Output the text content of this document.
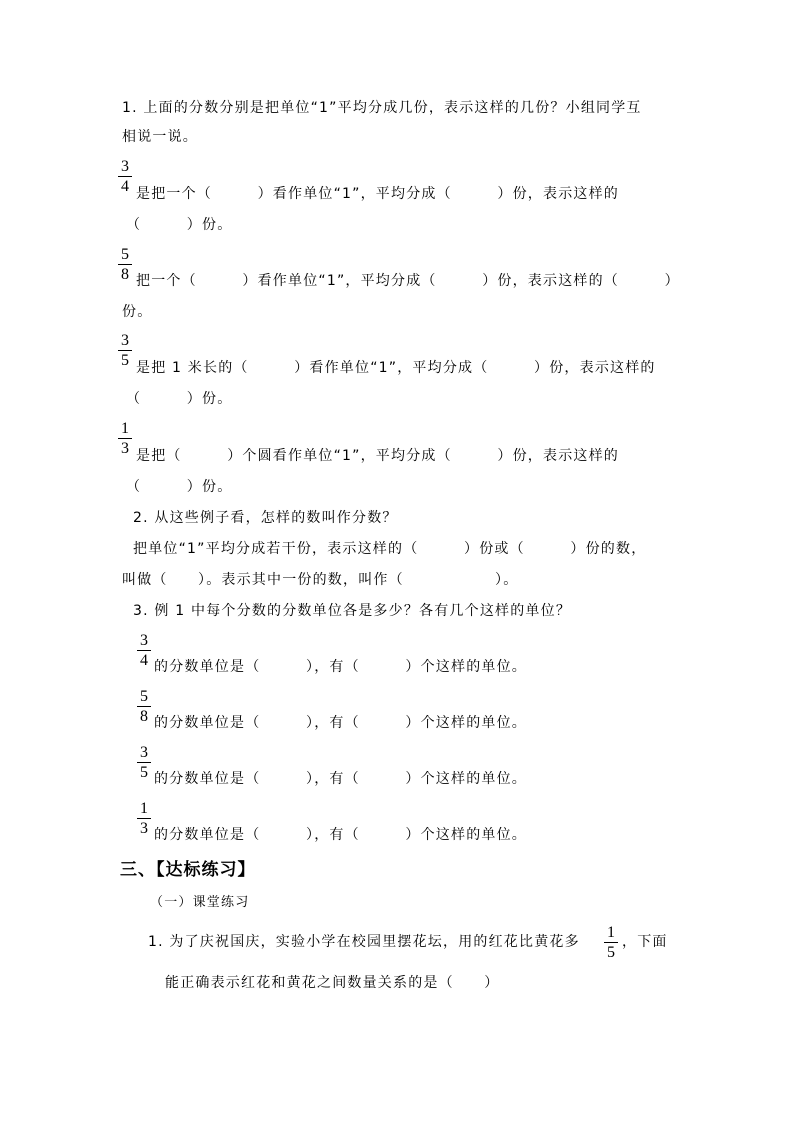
1. 上面的分数分别是把单位“1”平均分成几份，表示这样的几份？小组同学互
相说一说。
3
4 是把一个（　　　）看作单位“1”，平均分成（　　　）份，表示这样的
（　　　）份。
5
8 把一个（　　　）看作单位“1”，平均分成（　　　）份，表示这样的（　　　）
份。
3
5 是把 1 米长的（　　　）看作单位“1”，平均分成（　　　）份，表示这样的
（　　　）份。
1
3 是把（　　　）个圆看作单位“1”，平均分成（　　　）份，表示这样的
（　　　）份。
2. 从这些例子看，怎样的数叫作分数？
把单位“1”平均分成若干份，表示这样的（　　　）份或（　　　）份的数，
叫做（　　）。表示其中一份的数，叫作（　　　　　　）。
3. 例 1 中每个分数的分数单位各是多少？各有几个这样的单位？
3
4 的分数单位是（　　　），有（　　　）个这样的单位。
5
8 的分数单位是（　　　），有（　　　）个这样的单位。
3
5 的分数单位是（　　　），有（　　　）个这样的单位。
1
3 的分数单位是（　　　），有（　　　）个这样的单位。
三、【达标练习】
（一）课堂练习
1. 为了庆祝国庆，实验小学在校园里摆花坛，用的红花比黄花多
1
5
，下面
能正确表示红花和黄花之间数量关系的是（　　）
